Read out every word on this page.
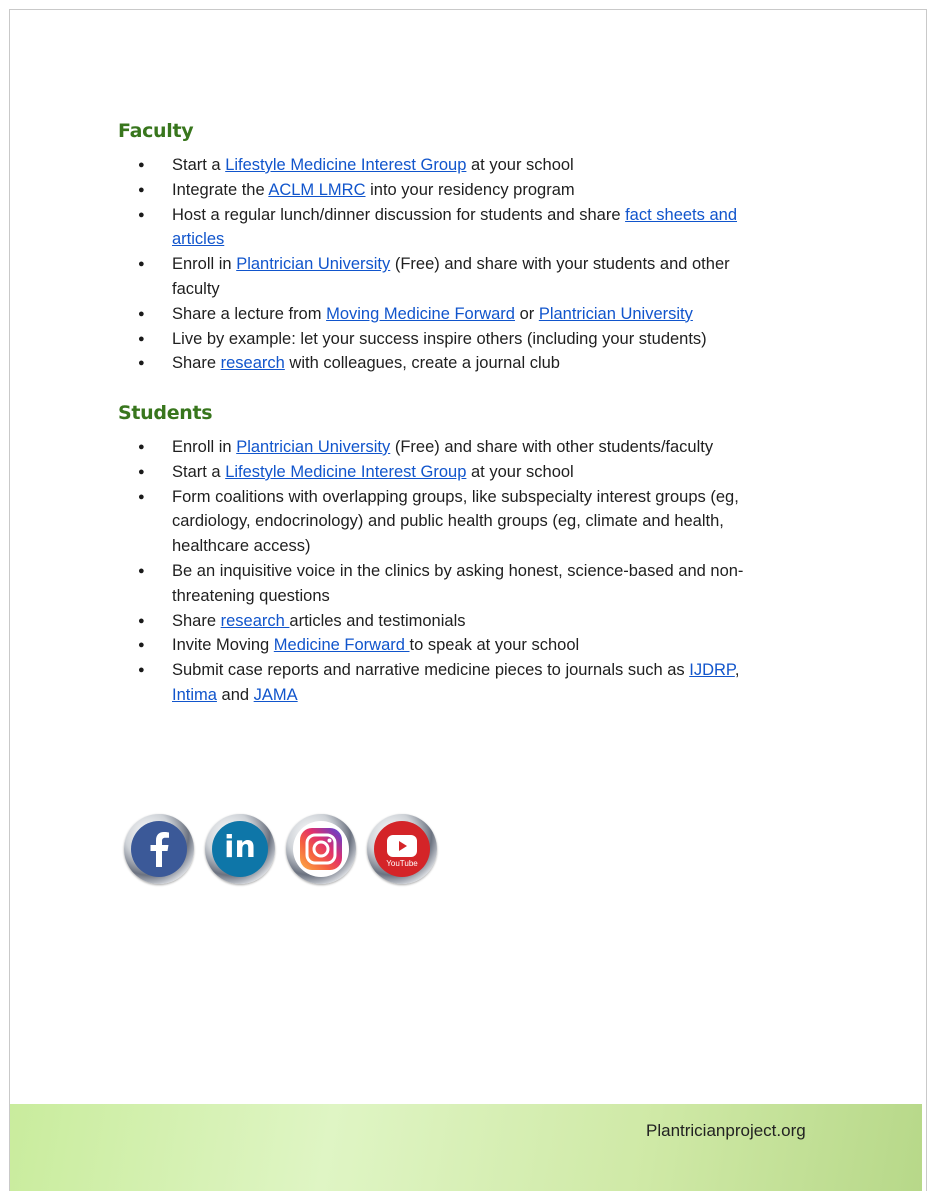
Faculty
● Start a Lifestyle Medicine Interest Group at your school
● Integrate the ACLM LMRC into your residency program
● Host a regular lunch/dinner discussion for students and share fact sheets and articles
● Enroll in Plantrician University (Free) and share with your students and other faculty
● Share a lecture from Moving Medicine Forward or Plantrician University
● Live by example: let your success inspire others (including your students)
● Share research with colleagues, create a journal club
Students
● Enroll in Plantrician University (Free) and share with other students/faculty
● Start a Lifestyle Medicine Interest Group at your school
● Form coalitions with overlapping groups, like subspecialty interest groups (eg, cardiology, endocrinology) and public health groups (eg, climate and health, healthcare access)
● Be an inquisitive voice in the clinics by asking honest, science-based and non-threatening questions
● Share research articles and testimonials
● Invite Moving Medicine Forward to speak at your school
● Submit case reports and narrative medicine pieces to journals such as IJDRP, Intima and JAMA
in	YouTube
Plantricianproject.org
